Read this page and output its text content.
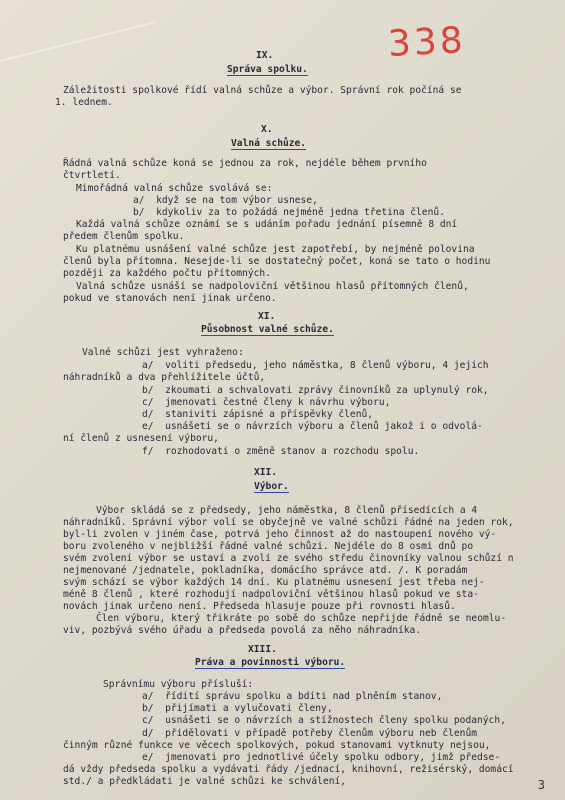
338
IX.
Správa spolku.
Záležitosti spolkové řídí valná schůze a výbor. Správní rok počíná se
1. lednem.
X.
Valná schůze.
Řádná valná schůze koná se jednou za rok, nejdéle během prvního
čtvrtletí.
Mimořádná valná schůze svolává se:
a/  když se na tom výbor usnese,
b/  kdykoliv za to požádá nejméně jedna třetina členů.
Každá valná schůze oznámí se s udáním pořadu jednání písemně 8 dní
předem členům spolku.
Ku platnému usnášení valné schůze jest zapotřebí, by nejméně polovina
členů byla přítomna. Nesejde-li se dostatečný počet, koná se tato o hodinu
později za každého počtu přítomných.
Valná schůze usnáší se nadpoloviční většinou hlasů přítomných členů,
pokud ve stanovách není jinak určeno.
XI.
Působnost valné schůze.
Valné schůzi jest vyhraženo:
a/  voliti předsedu, jeho náměstka, 8 členů výboru, 4 jejich
náhradníků a dva přehlížitele účtů,
b/  zkoumati a schvalovati zprávy činovníků za uplynulý rok,
c/  jmenovati čestné členy k návrhu výboru,
d/  staniviti zápisné a příspěvky členů,
e/  usnášeti se o návrzích výboru a členů jakož i o odvolá-
ní členů z usnesení výboru,
f/  rozhodovati o změně stanov a rozchodu spolu.
XII.
Výbor.
Výbor skládá se z předsedy, jeho náměstka, 8 členů přísedících a 4
náhradníků. Správní výbor volí se obyčejně ve valné schůzi řádné na jeden rok,
byl-li zvolen v jiném čase, potrvá jeho činnost až do nastoupení nového vý-
boru zvoleného v nejbližší řádné valné schůzi. Nejdéle do 8 osmi dnů po
svém zvolení výbor se ustaví a zvolí ze svého středu činovníky valnou schůzí n
nejmenované /jednatele, pokladníka, domácího správce atd. /. K poradám
svým schází se výbor každých 14 dní. Ku platnému usnesení jest třeba nej-
méně 8 členů , které rozhodují nadpoloviční většinou hlasů pokud ve sta-
novách jinak určeno není. Předseda hlasuje pouze při rovnosti hlasů.
Člen výboru, který třikráte po sobě do schůze nepřijde řádně se neomlu-
viv, pozbývá svého úřadu a předseda povolá za něho náhradníka.
XIII.
Práva a povinnosti výboru.
Správnímu výboru přísluší:
a/  řídití správu spolku a bdíti nad plněním stanov,
b/  přijímati a vylučovati členy,
c/  usnášeti se o návrzích a stížnostech členy spolku podaných,
d/  přidělovati v případě potřeby členům výboru neb členům
činným různé funkce ve věcech spolkových, pokud stanovami vytknuty nejsou,
e/  jmenovati pro jednotlivé účely spolku odbory, jimž předse-
dá vždy předseda spolku a vydávati řády /jednací, knihovní, režisérský, domácí
std./ a předkládati je valné schůzi ke schválení,	3
